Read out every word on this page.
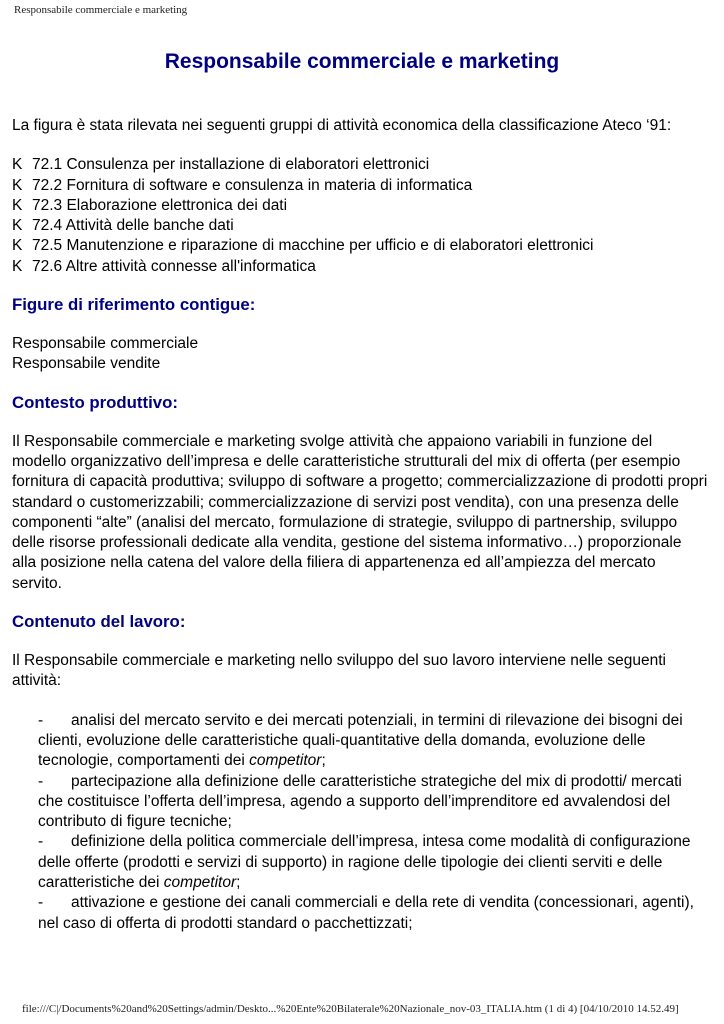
Responsabile commerciale e marketing
Responsabile commerciale e marketing

La figura è stata rilevata nei seguenti gruppi di attività economica della classificazione Ateco ‘91:

K 72.1 Consulenza per installazione di elaboratori elettronici
K 72.2 Fornitura di software e consulenza in materia di informatica
K 72.3 Elaborazione elettronica dei dati
K 72.4 Attività delle banche dati
K 72.5 Manutenzione e riparazione di macchine per ufficio e di elaboratori elettronici
K 72.6 Altre attività connesse all'informatica
Figure di riferimento contigue:

Responsabile commerciale

Responsabile vendite

Contesto produttivo:

Il Responsabile commerciale e marketing svolge attività che appaiono variabili in funzione del modello organizzativo dell’impresa e delle caratteristiche strutturali del mix di offerta (per esempio fornitura di capacità produttiva; sviluppo di software a progetto; commercializzazione di prodotti propri standard o customerizzabili; commercializzazione di servizi post vendita), con una presenza delle componenti “alte” (analisi del mercato, formulazione di strategie, sviluppo di partnership, sviluppo delle risorse professionali dedicate alla vendita, gestione del sistema informativo…) proporzionale alla posizione nella catena del valore della filiera di appartenenza ed all’ampiezza del mercato servito.

Contenuto del lavoro:

Il Responsabile commerciale e marketing nello sviluppo del suo lavoro interviene nelle seguenti attività:

- analisi del mercato servito e dei mercati potenziali, in termini di rilevazione dei bisogni dei clienti, evoluzione delle caratteristiche quali-quantitative della domanda, evoluzione delle tecnologie, comportamenti dei competitor;
- partecipazione alla definizione delle caratteristiche strategiche del mix di prodotti/ mercati che costituisce l’offerta dell’impresa, agendo a supporto dell’imprenditore ed avvalendosi del contributo di figure tecniche;
- definizione della politica commerciale dell’impresa, intesa come modalità di configurazione delle offerte (prodotti e servizi di supporto) in ragione delle tipologie dei clienti serviti e delle caratteristiche dei competitor;
- attivazione e gestione dei canali commerciali e della rete di vendita (concessionari, agenti), nel caso di offerta di prodotti standard o pacchettizzati;
file:///C|/Documents%20and%20Settings/admin/Deskto...%20Ente%20Bilaterale%20Nazionale_nov-03_ITALIA.htm (1 di 4) [04/10/2010 14.52.49]
